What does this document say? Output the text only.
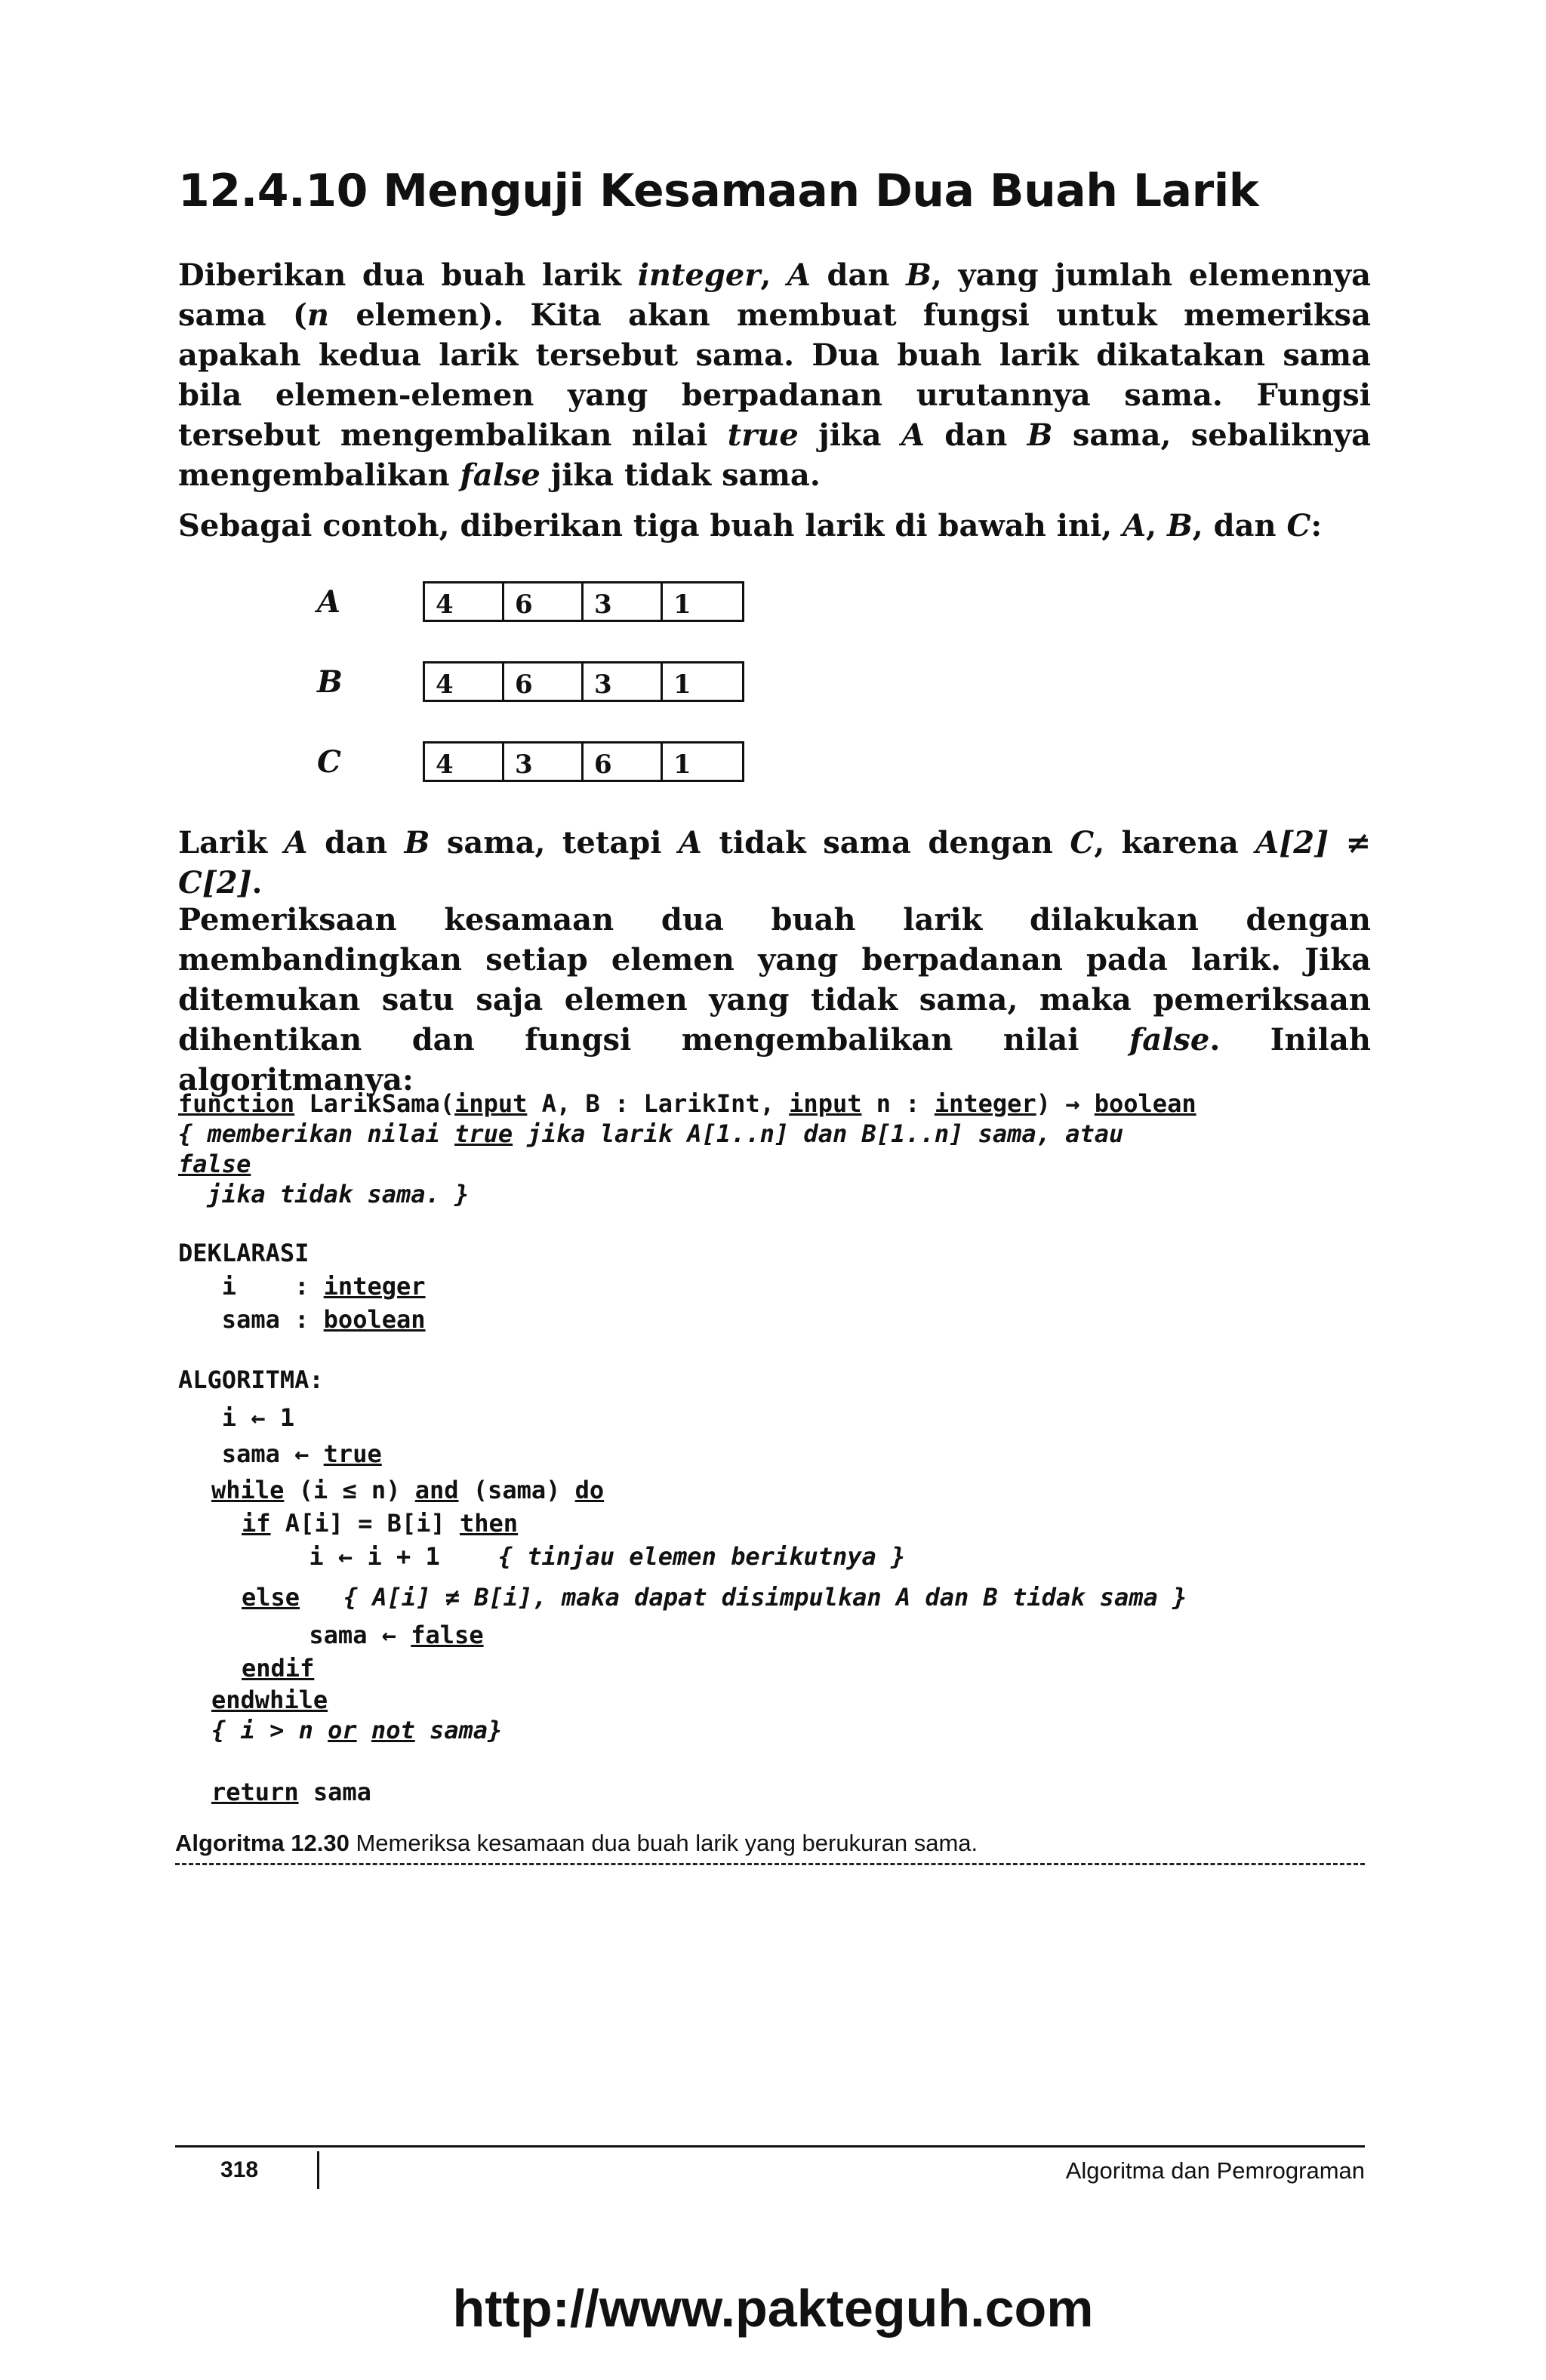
12.4.10 Menguji Kesamaan Dua Buah Larik

Diberikan dua buah larik integer, A dan B, yang jumlah elemennya sama (n elemen). Kita akan membuat fungsi untuk memeriksa apakah kedua larik tersebut sama. Dua buah larik dikatakan sama bila elemen-elemen yang berpadanan urutannya sama. Fungsi tersebut mengembalikan nilai true jika A dan B sama, sebaliknya mengembalikan false jika tidak sama.

Sebagai contoh, diberikan tiga buah larik di bawah ini, A, B, dan C:

A	4	6	3	1
B	4	6	3	1
C	4	3	6	1

Larik A dan B sama, tetapi A tidak sama dengan C, karena A[2] ≠ C[2].

Pemeriksaan kesamaan dua buah larik dilakukan dengan membandingkan setiap elemen yang berpadanan pada larik. Jika ditemukan satu saja elemen yang tidak sama, maka pemeriksaan dihentikan dan fungsi mengembalikan nilai false. Inilah algoritmanya:

function LarikSama(input A, B : LarikInt, input n : integer) → boolean
{ memberikan nilai true jika larik A[1..n] dan B[1..n] sama, atau
false
jika tidak sama. }
DEKLARASI
i    : integer
sama : boolean
ALGORITMA:
i ← 1
sama ← true
while (i ≤ n) and (sama) do
if A[i] = B[i] then
i ← i + 1    { tinjau elemen berikutnya }
else   { A[i] ≠ B[i], maka dapat disimpulkan A dan B tidak sama }
sama ← false
endif
endwhile
{ i > n or not sama}
return sama
Algoritma 12.30 Memeriksa kesamaan dua buah larik yang berukuran sama.
318	Algoritma dan Pemrograman
http://www.pakteguh.com
